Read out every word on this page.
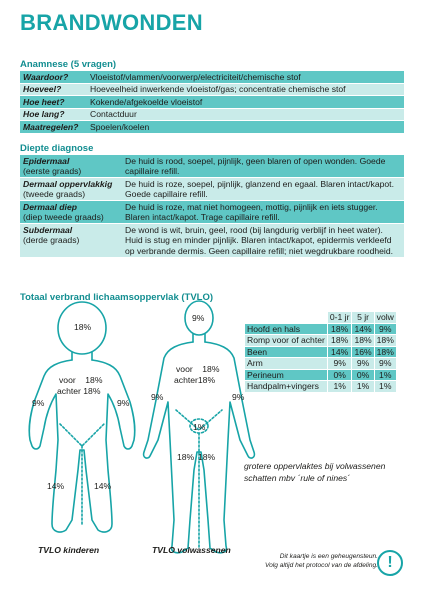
BRANDWONDEN
Anamnese (5 vragen)
Waardoor?	Vloeistof/vlammen/voorwerp/electriciteit/chemische stof
Hoeveel?	Hoeveelheid inwerkende vloeistof/gas; concentratie chemische stof
Hoe heet?	Kokende/afgekoelde vloeistof
Hoe lang?	Contactduur
Maatregelen?	Spoelen/koelen
Diepte diagnose
Epidermaal
(eerste graads)	De huid is rood, soepel, pijnlijk, geen blaren of open wonden. Goede capillaire refill.
Dermaal oppervlakkig
(tweede graads)	De huid is roze, soepel, pijnlijk, glanzend en egaal. Blaren intact/kapot. Goede capillaire refill.
Dermaal diep
(diep tweede graads)	De huid is roze, mat niet homogeen, mottig, pijnlijk en iets stugger. Blaren intact/kapot. Trage capillaire refill.
Subdermaal
(derde graads)	De wond is wit, bruin, geel, rood (bij langdurig verblijf in heet water). Huid is stug en minder pijnlijk. Blaren intact/kapot, epidermis verkleefd op verbrande dermis. Geen capillaire refill; niet wegdrukbare roodheid.
Totaal verbrand lichaamsoppervlak (TVLO)
18%
voor 18%
achter 18%
9%	9%
14%	14%
TVLO kinderen
9%
voor 18%
achter18%
9%	9%
1%
18% 18%
TVLO volwassenen
	0-1 jr	5 jr	volw
Hoofd en hals	18%	14%	9%
Romp voor of achter	18%	18%	18%
Been	14%	16%	18%
Arm	9%	9%	9%
Perineum	0%	0%	1%
Handpalm+vingers	1%	1%	1%
grotere oppervlaktes bij volwassenen
schatten mbv ´rule of nines´
Dit kaartje is een geheugensteun.
Volg altijd het protocol van de afdeling. !
